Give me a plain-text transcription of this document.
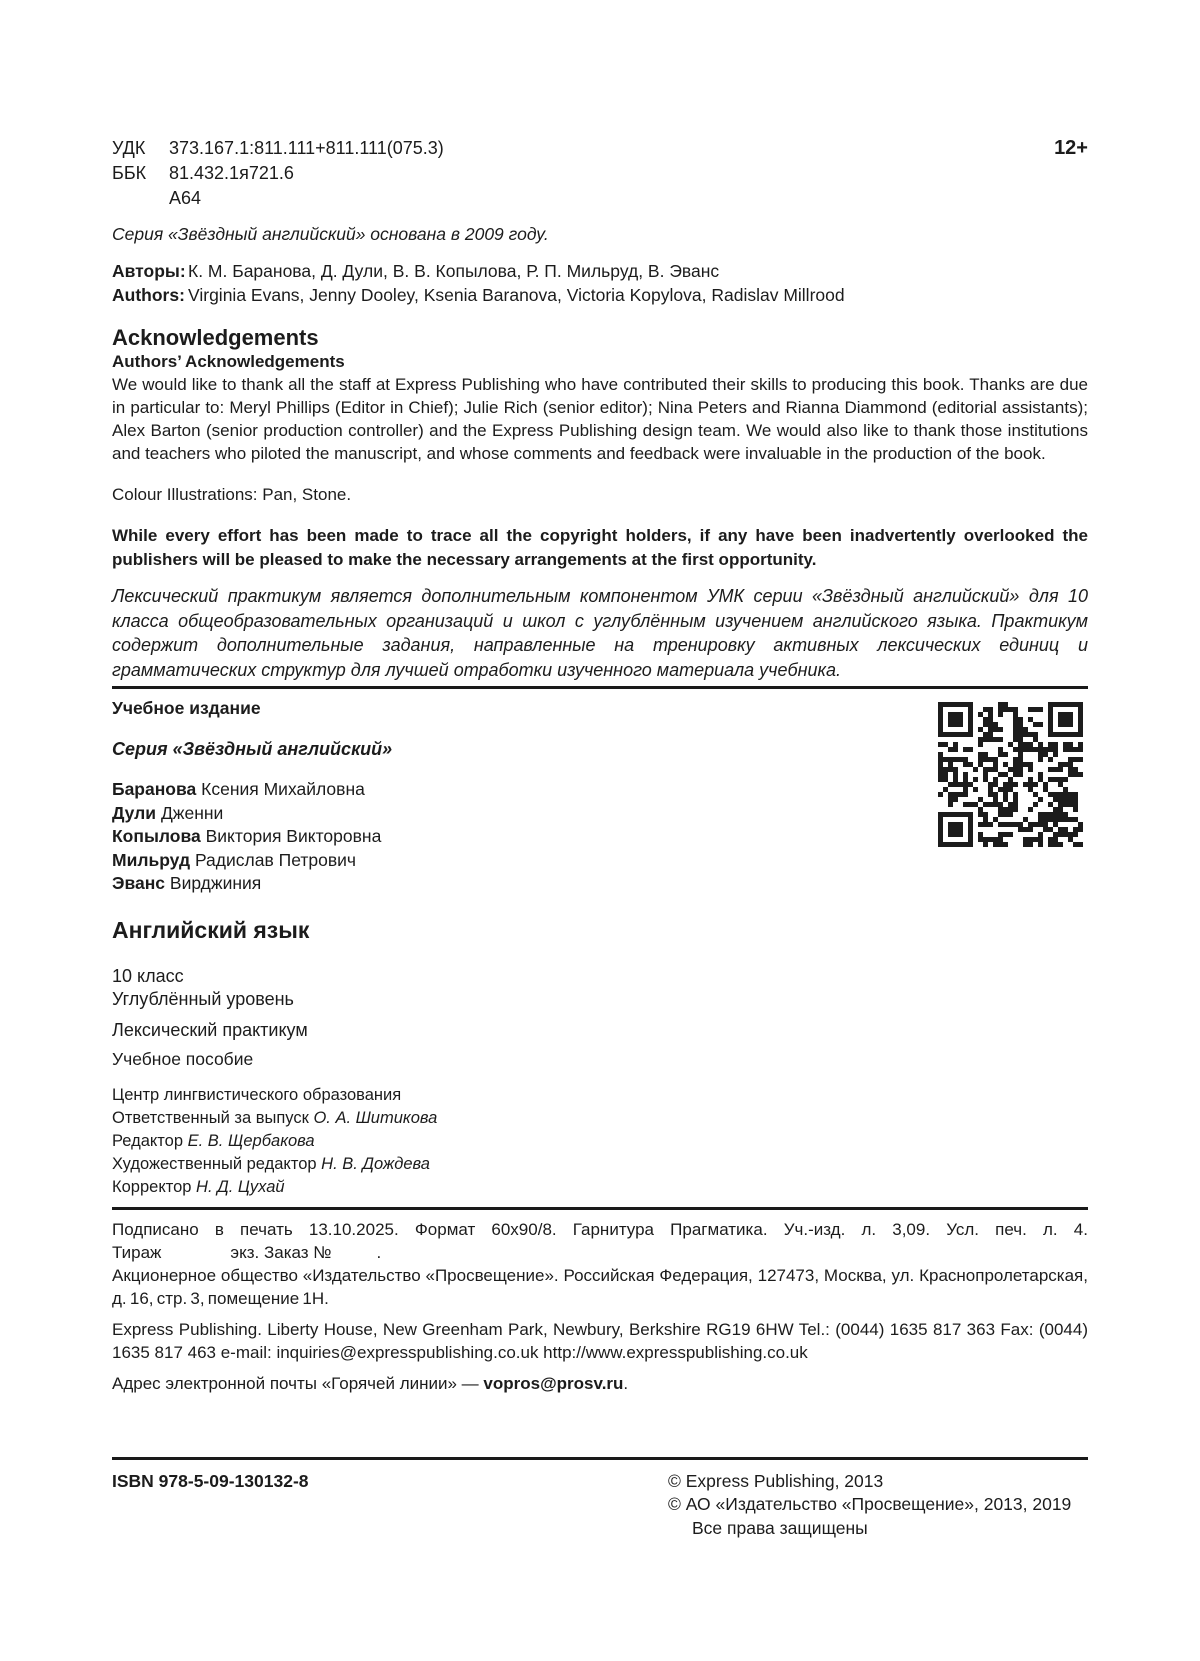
12+
УДК	373.167.1:811.111+811.111(075.3)
ББК	81.432.1я721.6
А64

Серия «Звёздный английский» основана в 2009 году.

Авторы: К. М. Баранова, Д. Дули, В. В. Копылова, Р. П. Мильруд, В. Эванс
Authors: Virginia Evans, Jenny Dooley, Ksenia Baranova, Victoria Kopylova, Radislav Millrood

Acknowledgements

Authors’ Acknowledgements

We would like to thank all the staff at Express Publishing who have contributed their skills to producing this book. Thanks are due in particular to: Meryl Phillips (Editor in Chief); Julie Rich (senior editor); Nina Peters and Rianna Diammond (editorial assistants); Alex Barton (senior production controller) and the Express Publishing design team. We would also like to thank those institutions and teachers who piloted the manuscript, and whose comments and feedback were invaluable in the production of the book.

Colour Illustrations: Pan, Stone.

While every effort has been made to trace all the copyright holders, if any have been inadvertently overlooked the publishers will be pleased to make the necessary arrangements at the first opportunity.

Лексический практикум является дополнительным компонентом УМК серии «Звёздный английский» для 10 класса общеобразовательных организаций и школ с углублённым изучением английского языка. Практикум содержит дополнительные задания, направленные на тренировку активных лексических единиц и грамматических структур для лучшей отработки изученного материала учебника.

Учебное издание

Серия «Звёздный английский»

Баранова Ксения Михайловна
Дули Дженни
Копылова Виктория Викторовна
Мильруд Радислав Петрович
Эванс Вирджиния

Английский язык

10 класс
Углублённый уровень

Лексический практикум

Учебное пособие

Центр лингвистического образования
Ответственный за выпуск О. А. Шитикова
Редактор Е. В. Щербакова
Художественный редактор Н. В. Дождева
Корректор Н. Д. Цухай

Подписано в печать 13.10.2025. Формат 60х90/8. Гарнитура Прагматика. Уч.-изд. л. 3,09. Усл. печ. л. 4.

Тираж	экз. Заказ №	.

Акционерное общество «Издательство «Просвещение». Российская Федерация, 127473, Москва, ул. Краснопролетарская, д. 16, стр. 3, помещение 1Н.

Express Publishing. Liberty House, New Greenham Park, Newbury, Berkshire RG19 6HW Tel.: (0044) 1635 817 363 Fax: (0044) 1635 817 463 e-mail: inquiries@expresspublishing.co.uk http://www.expresspublishing.co.uk

Адрес электронной почты «Горячей линии» — vopros@prosv.ru.

ISBN 978-5-09-130132-8	© Express Publishing, 2013
© АО «Издательство «Просвещение», 2013, 2019
Все права защищены
